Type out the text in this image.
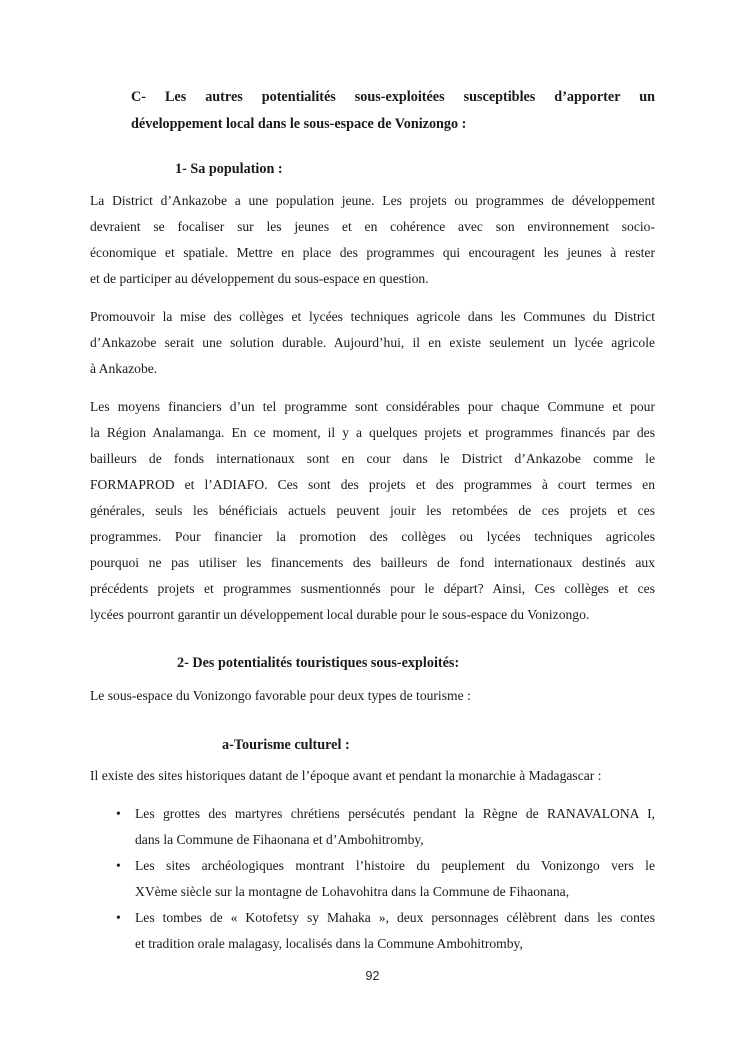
C- Les autres potentialités sous-exploitées susceptibles d’apporter un
développement local dans le sous-espace de Vonizongo :
1- Sa population :
La District d’Ankazobe a une population jeune. Les projets ou programmes de développement
devraient se focaliser sur les jeunes et en cohérence avec son environnement socio-
économique et spatiale. Mettre en place des programmes qui encouragent les jeunes à rester
et de participer au développement du sous-espace en question.
Promouvoir la mise des collèges et lycées techniques agricole dans les Communes du District
d’Ankazobe serait une solution durable. Aujourd’hui, il en existe seulement un lycée agricole
à Ankazobe.
Les moyens financiers d’un tel programme sont considérables pour chaque Commune et pour
la Région Analamanga. En ce moment, il y a quelques projets et programmes financés par des
bailleurs de fonds internationaux sont en cour dans le District d’Ankazobe comme le
FORMAPROD et l’ADIAFO. Ces sont des projets et des programmes à court termes en
générales, seuls les bénéficiais actuels peuvent jouir les retombées de ces projets et ces
programmes. Pour financier la promotion des collèges ou lycées techniques agricoles
pourquoi ne pas utiliser les financements des bailleurs de fond internationaux destinés aux
précédents projets et programmes susmentionnés pour le départ? Ainsi, Ces collèges et ces
lycées pourront garantir un développement local durable pour le sous-espace du Vonizongo.
2- Des potentialités touristiques sous-exploités:
Le sous-espace du Vonizongo favorable pour deux types de tourisme :
a-Tourisme culturel :
Il existe des sites historiques datant de l’époque avant et pendant la monarchie à Madagascar :
• Les grottes des martyres chrétiens persécutés pendant la Règne de RANAVALONA I,
dans la Commune de Fihaonana et d’Ambohitromby,
• Les sites archéologiques montrant l’histoire du peuplement du Vonizongo vers le
XVème siècle sur la montagne de Lohavohitra dans la Commune de Fihaonana,
• Les tombes de « Kotofetsy sy Mahaka », deux personnages célèbrent dans les contes
et tradition orale malagasy, localisés dans la Commune Ambohitromby,
92
